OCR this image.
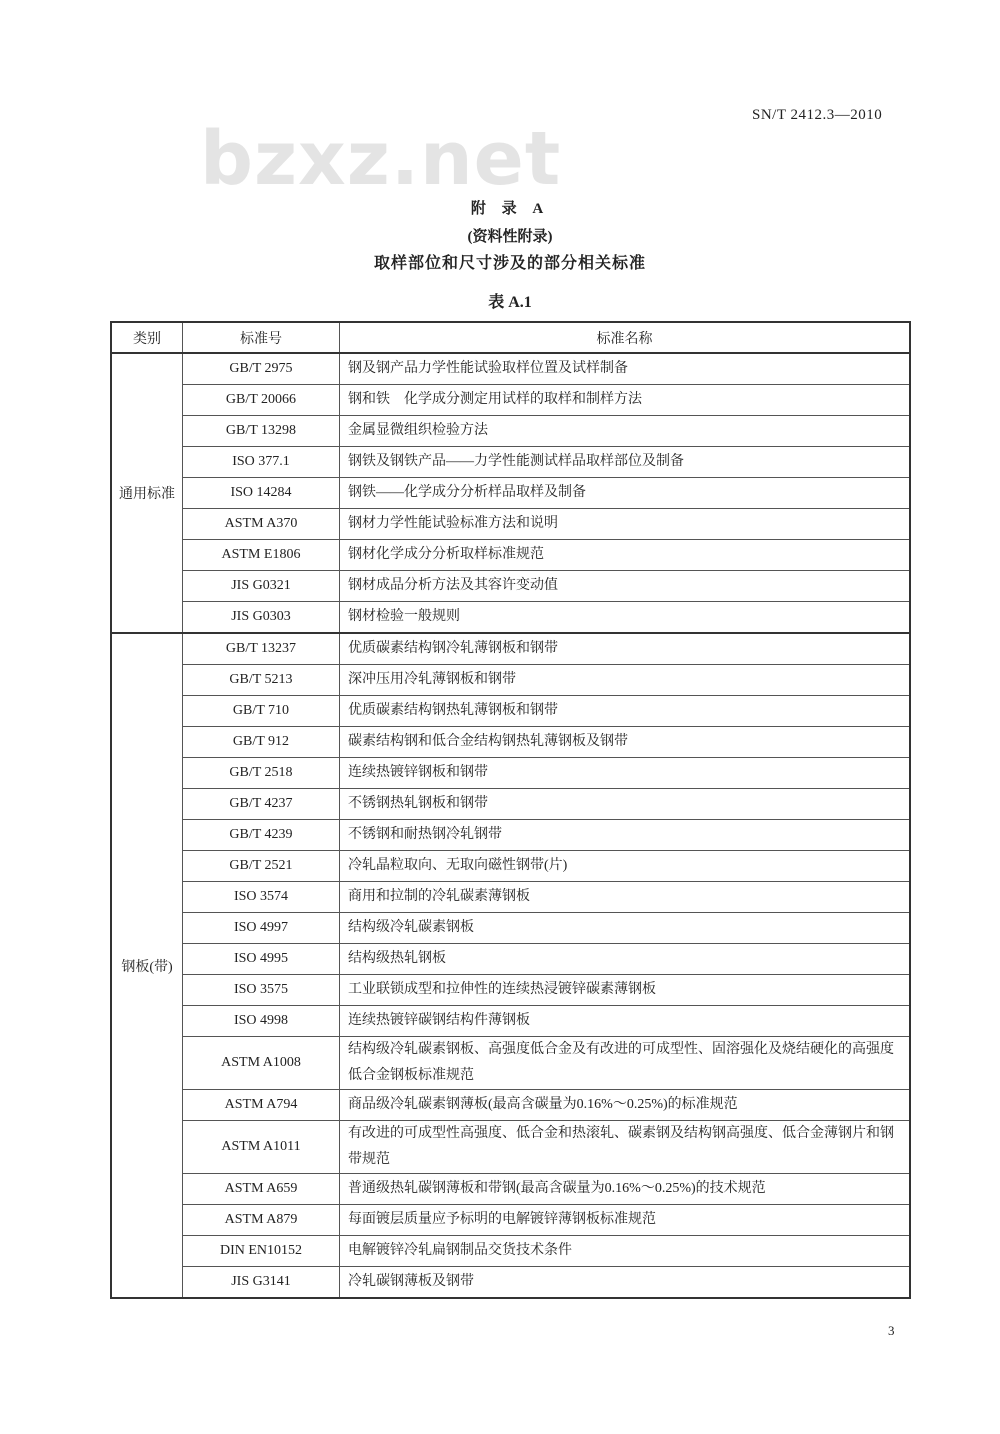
SN/T 2412.3—2010
bzxz.net
附 录 A
(资料性附录)
取样部位和尺寸涉及的部分相关标准
表 A.1
类别	标准号	标准名称
通用标准	GB/T 2975	钢及钢产品力学性能试验取样位置及试样制备
	GB/T 20066	钢和铁　化学成分测定用试样的取样和制样方法
	GB/T 13298	金属显微组织检验方法
	ISO 377.1	钢铁及钢铁产品——力学性能测试样品取样部位及制备
	ISO 14284	钢铁——化学成分分析样品取样及制备
	ASTM A370	钢材力学性能试验标准方法和说明
	ASTM E1806	钢材化学成分分析取样标准规范
	JIS G0321	钢材成品分析方法及其容许变动值
	JIS G0303	钢材检验一般规则
钢板(带)	GB/T 13237	优质碳素结构钢冷轧薄钢板和钢带
	GB/T 5213	深冲压用冷轧薄钢板和钢带
	GB/T 710	优质碳素结构钢热轧薄钢板和钢带
	GB/T 912	碳素结构钢和低合金结构钢热轧薄钢板及钢带
	GB/T 2518	连续热镀锌钢板和钢带
	GB/T 4237	不锈钢热轧钢板和钢带
	GB/T 4239	不锈钢和耐热钢冷轧钢带
	GB/T 2521	冷轧晶粒取向、无取向磁性钢带(片)
	ISO 3574	商用和拉制的冷轧碳素薄钢板
	ISO 4997	结构级冷轧碳素钢板
	ISO 4995	结构级热轧钢板
	ISO 3575	工业联锁成型和拉伸性的连续热浸镀锌碳素薄钢板
	ISO 4998	连续热镀锌碳钢结构件薄钢板
	ASTM A1008	结构级冷轧碳素钢板、高强度低合金及有改进的可成型性、固溶强化及烧结硬化的高强度低合金钢板标准规范
	ASTM A794	商品级冷轧碳素钢薄板(最高含碳量为0.16%～0.25%)的标准规范
	ASTM A1011	有改进的可成型性高强度、低合金和热滚轧、碳素钢及结构钢高强度、低合金薄钢片和钢带规范
	ASTM A659	普通级热轧碳钢薄板和带钢(最高含碳量为0.16%～0.25%)的技术规范
	ASTM A879	每面镀层质量应予标明的电解镀锌薄钢板标准规范
	DIN EN10152	电解镀锌冷轧扁钢制品交货技术条件
	JIS G3141	冷轧碳钢薄板及钢带
3
